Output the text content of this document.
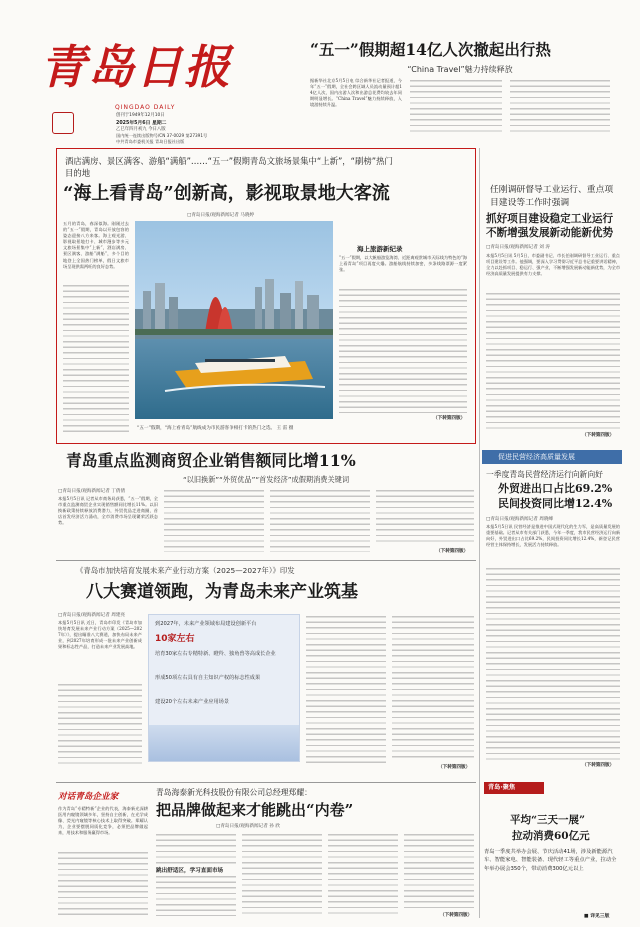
青岛日报
QINGDAO DAILY
创刊于1949年12月10日
2025年5月6日 星期二
乙巳年四月初九 今日八版
国内统一连续出版物号/CN 37-0029 第27391号
中共青岛市委机关报 青岛日报社出版
“五一”假期超14亿人次撤起出行热
“China Travel”魅力持续释放
据新华社北京5月5日电 综合新华社记者报道，今年“五一”假期，全社会跨区域人员流动量预计超14亿人次，国内出游人次和出游总花费均较去年同期明显增长。“China Travel”魅力持续释放，入境游持续升温。
酒店满房、景区满客、游船“满船”……“五一”假期青岛文旅场景集中“上新”，“刷榜”热门目的地
“海上看青岛”创新高，影视取景地大客流
□青岛日报/观海新闻记者 马晓婷
五月的青岛，春深似海。刚刚过去的“五一”假期，青岛以开放包容的姿态迎接八方来客。海上观光游、影视取景地打卡、城市漫步等多元文旅场景集中“上新”，酒店满房、景区满客、游船“满船”，多个目的地登上全国热门榜单，假日文旅市场呈现供需两旺的良好态势。
“五一”假期，“海上看青岛”航线成为市民游客争相打卡的热门之选。 王 雷 摄
海上旅游新纪录
“五一”假期，以大帆船游览海湾、近距离观赏城市天际线为特色的“海上看青岛”项目再度火爆。游船航线持续加密，多条线路票源一度紧张。
（下转第四版）
任刚调研督导工业运行、重点项目建设等工作时强调
抓好项目建设稳定工业运行 不断增强发展新动能新优势
□青岛日报/观海新闻记者 刘 涛
本报5月5日讯 5月5日，市委副书记、市长任刚调研督导工业运行、重点项目建设等工作。他强调，要深入学习贯彻习近平总书记重要讲话精神，全力以赴抓项目、稳运行、强产业，不断增强发展新动能新优势，为全市经济高质量发展提供有力支撑。
（下转第四版）
青岛重点监测商贸企业销售额同比增11%
“以旧换新”“外贸优品”“首发经济”成假期消费关键词
□青岛日报/观海新闻记者 丁倩倩
本报5月5日讯 记者从市商务局获悉，“五一”假期，全市重点监测商贸企业实现销售额同比增长11%。以旧换新政策持续释放消费潜力，外贸优品走进商圈，首店首发经济活力涌动，全市消费市场呈现繁荣活跃态势。
（下转第四版）
促进民营经济高质量发展
一季度青岛民营经济运行向新向好
外贸进出口占比69.2%
民间投资同比增12.4%
□青岛日报/观海新闻记者 周晓峰
本报5月5日讯 民营经济是推进中国式现代化的生力军，是高质量发展的重要基础。记者从市有关部门获悉，今年一季度，我市民营经济运行向新向好，外贸进出口占比69.2%，民间投资同比增长12.4%，新登记民营经营主体保持增长，发展活力持续释放。
（下转第四版）
《青岛市加快培育发展未来产业行动方案（2025—2027年）》印发
八大赛道领跑，为青岛未来产业筑基
□青岛日报/观海新闻记者 周建亮
本报5月5日讯 近日，青岛市印发《青岛市加快培育发展未来产业行动方案（2025—2027年）》，提出瞄准八大赛道，加快布局未来产业，到2027年培育形成一批未来产业创新成果和标志性产品，打造未来产业发展高地。
到2027年，未来产业领域布局建设创新平台
10家左右
培育30家左右专精特新、瞪羚、独角兽等高成长企业
形成50项左右具有自主知识产权的标志性成果
建设20个左右未来产业应用场景
（下转第四版）
青岛海泰新光科技股份有限公司总经理郑耀：
把品牌做起来才能跳出“内卷”
□青岛日报/观海新闻记者 孙 欣
对话青岛企业家
作为青岛“专精特新”企业的代表，海泰新光深耕医用内窥镜领域多年，坚持自主创新，在光学成像、荧光内窥镜等核心技术上取得突破。郑耀认为，企业要摆脱同质化竞争，必须把品牌做起来，用技术和服务赢得市场。
跳出舒适区，学习直面市场
（下转第四版）
青岛·聚焦
平均“三天一展”
拉动消费60亿元
青岛一季度共举办会展、节庆活动41场，涉及新能源汽车、智能家电、智能装备、现代轻工等重点产业，拉动全年举办展会350个，带动消费300亿元以上
■ 详见三版
